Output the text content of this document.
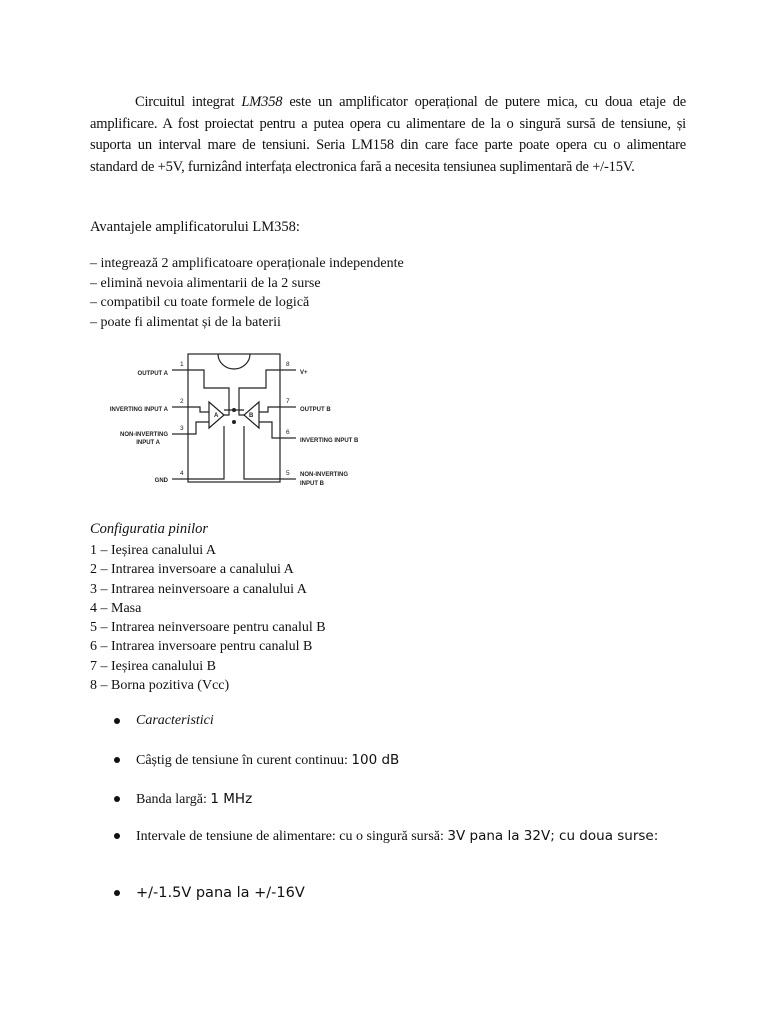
Circuitul integrat LM358 este un amplificator operațional de putere mica, cu doua etaje de amplificare. A fost proiectat pentru a putea opera cu alimentare de la o singură sursă de tensiune, și suporta un interval mare de tensiuni. Seria LM158 din care face parte poate opera cu o alimentare standard de +5V, furnizând interfața electronica fară a necesita tensiunea suplimentară de +/-15V.

Avantajele amplificatorului LM358:

– integrează 2 amplificatoare operaționale independente
– elimină nevoia alimentarii de la 2 surse
– compatibil cu toate formele de logică
– poate fi alimentat și de la baterii
A	B
OUTPUT A
INVERTING INPUT A
NON-INVERTING
INPUT A
GND
V+
OUTPUT B
INVERTING INPUT B
NON-INVERTING
INPUT B
1
2
3
4	5
6
7
8

Configuratia pinilor

1 – Ieșirea canalului A
2 – Intrarea inversoare a canalului A
3 – Intrarea neinversoare a canalului A
4 – Masa
5 – Intrarea neinversoare pentru canalul B
6 – Intrarea inversoare pentru canalul B
7 – Ieșirea canalului B
8 – Borna pozitiva (Vcc)
Caracteristici
Câștig de tensiune în curent continuu: 100 dB
Banda largă: 1 MHz
Intervale de tensiune de alimentare: cu o singură sursă: 3V pana la 32V; cu doua surse:
+/-1.5V pana la +/-16V
